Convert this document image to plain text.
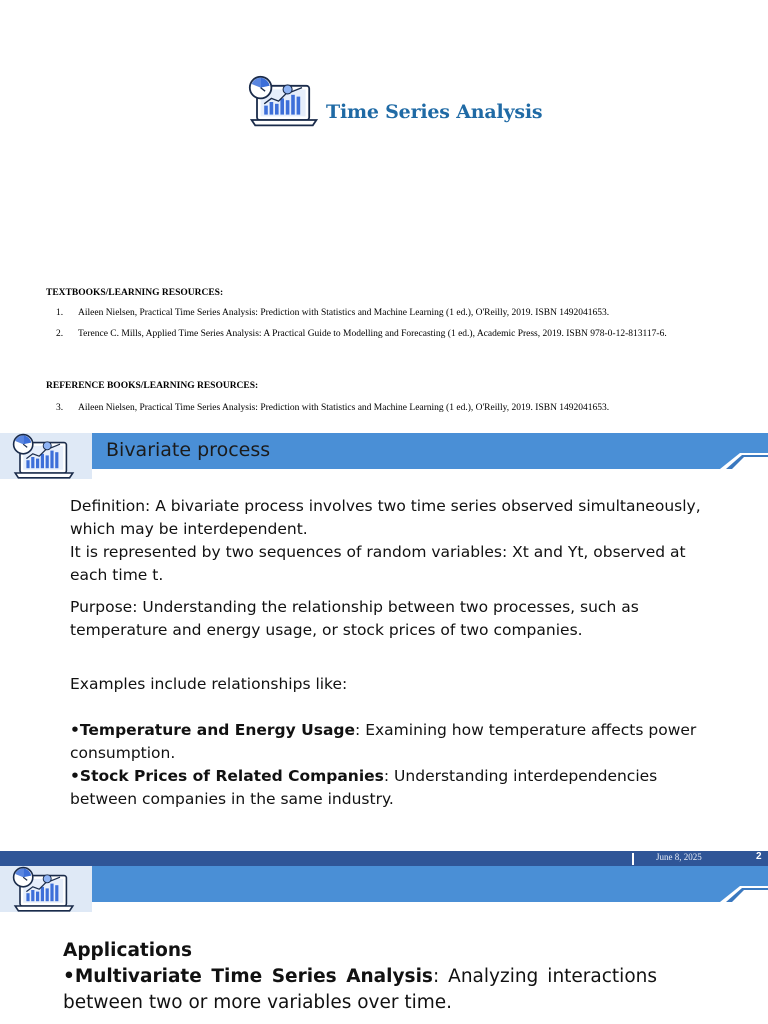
Time Series Analysis
TEXTBOOKS/LEARNING RESOURCES:
1. Aileen Nielsen, Practical Time Series Analysis: Prediction with Statistics and Machine Learning (1 ed.), O'Reilly, 2019. ISBN 1492041653.
2. Terence C. Mills, Applied Time Series Analysis: A Practical Guide to Modelling and Forecasting (1 ed.), Academic Press, 2019. ISBN 978-0-12-813117-6.
REFERENCE BOOKS/LEARNING RESOURCES:
3. Aileen Nielsen, Practical Time Series Analysis: Prediction with Statistics and Machine Learning (1 ed.), O'Reilly, 2019. ISBN 1492041653.
Bivariate process

Definition: A bivariate process involves two time series observed simultaneously, which may be interdependent.

It is represented by two sequences of random variables: Xt and Yt, observed at each time t.

Purpose: Understanding the relationship between two processes, such as temperature and energy usage, or stock prices of two companies.
Examples include relationships like:

•Temperature and Energy Usage: Examining how temperature affects power consumption.

•Stock Prices of Related Companies: Understanding interdependencies between companies in the same industry.

June 8, 2025	2
Applications
•Multivariate Time Series Analysis: Analyzing interactions between two or more variables over time.
